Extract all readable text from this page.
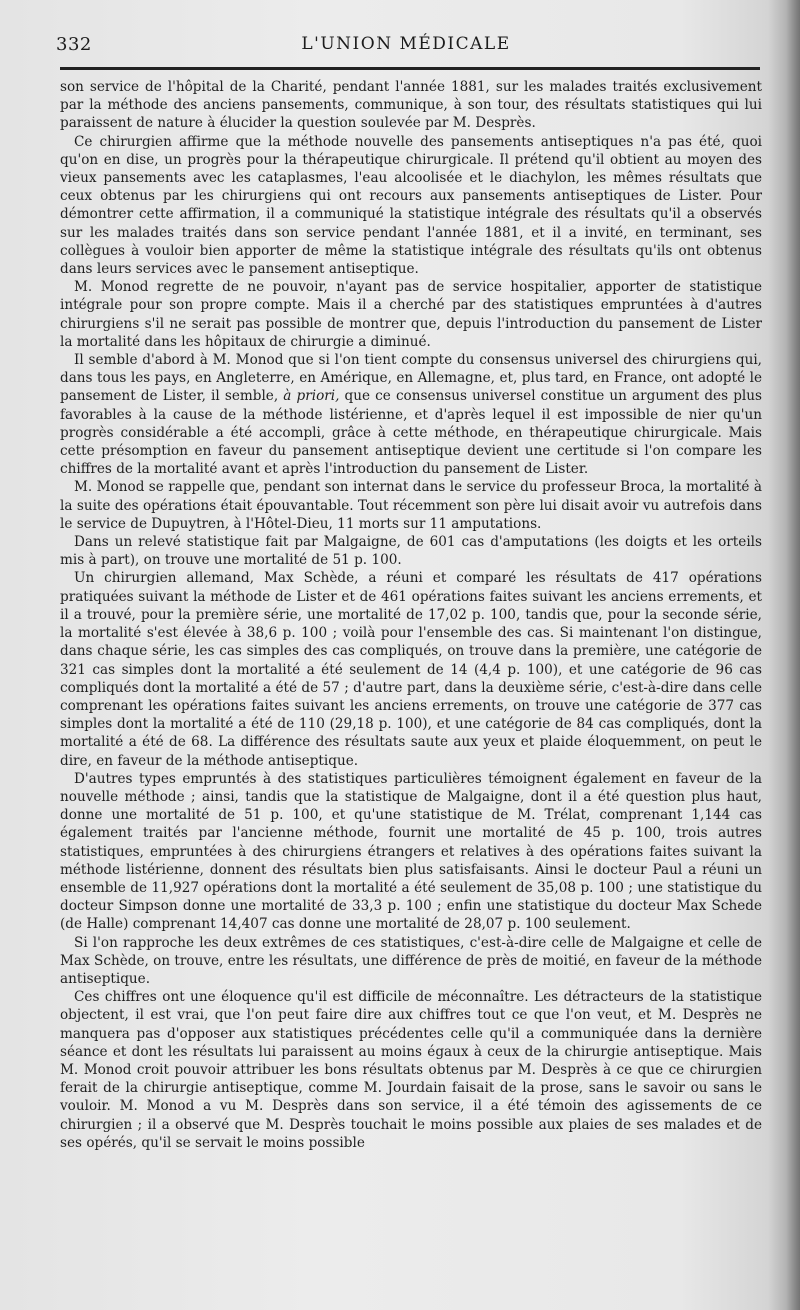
332	L'UNION MÉDICALE

son service de l'hôpital de la Charité, pendant l'année 1881, sur les malades traités exclusivement par la méthode des anciens pansements, communique, à son tour, des résultats statistiques qui lui paraissent de nature à élucider la question soulevée par M. Desprès.

Ce chirurgien affirme que la méthode nouvelle des pansements antiseptiques n'a pas été, quoi qu'on en dise, un progrès pour la thérapeutique chirurgicale. Il prétend qu'il obtient au moyen des vieux pansements avec les cataplasmes, l'eau alcoolisée et le diachylon, les mêmes résultats que ceux obtenus par les chirurgiens qui ont recours aux pansements antiseptiques de Lister. Pour démontrer cette affirmation, il a communiqué la statistique intégrale des résultats qu'il a observés sur les malades traités dans son service pendant l'année 1881, et il a invité, en terminant, ses collègues à vouloir bien apporter de même la statistique intégrale des résultats qu'ils ont obtenus dans leurs services avec le pansement antiseptique.

M. Monod regrette de ne pouvoir, n'ayant pas de service hospitalier, apporter de statistique intégrale pour son propre compte. Mais il a cherché par des statistiques empruntées à d'autres chirurgiens s'il ne serait pas possible de montrer que, depuis l'introduction du pansement de Lister la mortalité dans les hôpitaux de chirurgie a diminué.

Il semble d'abord à M. Monod que si l'on tient compte du consensus universel des chirurgiens qui, dans tous les pays, en Angleterre, en Amérique, en Allemagne, et, plus tard, en France, ont adopté le pansement de Lister, il semble, à priori, que ce consensus universel constitue un argument des plus favorables à la cause de la méthode listérienne, et d'après lequel il est impossible de nier qu'un progrès considérable a été accompli, grâce à cette méthode, en thérapeutique chirurgicale. Mais cette présomption en faveur du pansement antiseptique devient une certitude si l'on compare les chiffres de la mortalité avant et après l'introduction du pansement de Lister.

M. Monod se rappelle que, pendant son internat dans le service du professeur Broca, la mortalité à la suite des opérations était épouvantable. Tout récemment son père lui disait avoir vu autrefois dans le service de Dupuytren, à l'Hôtel-Dieu, 11 morts sur 11 amputations.

Dans un relevé statistique fait par Malgaigne, de 601 cas d'amputations (les doigts et les orteils mis à part), on trouve une mortalité de 51 p. 100.

Un chirurgien allemand, Max Schède, a réuni et comparé les résultats de 417 opérations pratiquées suivant la méthode de Lister et de 461 opérations faites suivant les anciens errements, et il a trouvé, pour la première série, une mortalité de 17,02 p. 100, tandis que, pour la seconde série, la mortalité s'est élevée à 38,6 p. 100 ; voilà pour l'ensemble des cas. Si maintenant l'on distingue, dans chaque série, les cas simples des cas compliqués, on trouve dans la première, une catégorie de 321 cas simples dont la mortalité a été seulement de 14 (4,4 p. 100), et une catégorie de 96 cas compliqués dont la mortalité a été de 57 ; d'autre part, dans la deuxième série, c'est-à-dire dans celle comprenant les opérations faites suivant les anciens errements, on trouve une catégorie de 377 cas simples dont la mortalité a été de 110 (29,18 p. 100), et une catégorie de 84 cas compliqués, dont la mortalité a été de 68. La différence des résultats saute aux yeux et plaide éloquemment, on peut le dire, en faveur de la méthode antiseptique.

D'autres types empruntés à des statistiques particulières témoignent également en faveur de la nouvelle méthode ; ainsi, tandis que la statistique de Malgaigne, dont il a été question plus haut, donne une mortalité de 51 p. 100, et qu'une statistique de M. Trélat, comprenant 1,144 cas également traités par l'ancienne méthode, fournit une mortalité de 45 p. 100, trois autres statistiques, empruntées à des chirurgiens étrangers et relatives à des opérations faites suivant la méthode listérienne, donnent des résultats bien plus satisfaisants. Ainsi le docteur Paul a réuni un ensemble de 11,927 opérations dont la mortalité a été seulement de 35,08 p. 100 ; une statistique du docteur Simpson donne une mortalité de 33,3 p. 100 ; enfin une statistique du docteur Max Schede (de Halle) comprenant 14,407 cas donne une mortalité de 28,07 p. 100 seulement.

Si l'on rapproche les deux extrêmes de ces statistiques, c'est-à-dire celle de Malgaigne et celle de Max Schède, on trouve, entre les résultats, une différence de près de moitié, en faveur de la méthode antiseptique.

Ces chiffres ont une éloquence qu'il est difficile de méconnaître. Les détracteurs de la statistique objectent, il est vrai, que l'on peut faire dire aux chiffres tout ce que l'on veut, et M. Desprès ne manquera pas d'opposer aux statistiques précédentes celle qu'il a communiquée dans la dernière séance et dont les résultats lui paraissent au moins égaux à ceux de la chirurgie antiseptique. Mais M. Monod croit pouvoir attribuer les bons résultats obtenus par M. Desprès à ce que ce chirurgien ferait de la chirurgie antiseptique, comme M. Jourdain faisait de la prose, sans le savoir ou sans le vouloir. M. Monod a vu M. Desprès dans son service, il a été témoin des agissements de ce chirurgien ; il a observé que M. Desprès touchait le moins possible aux plaies de ses malades et de ses opérés, qu'il se servait le moins possible
